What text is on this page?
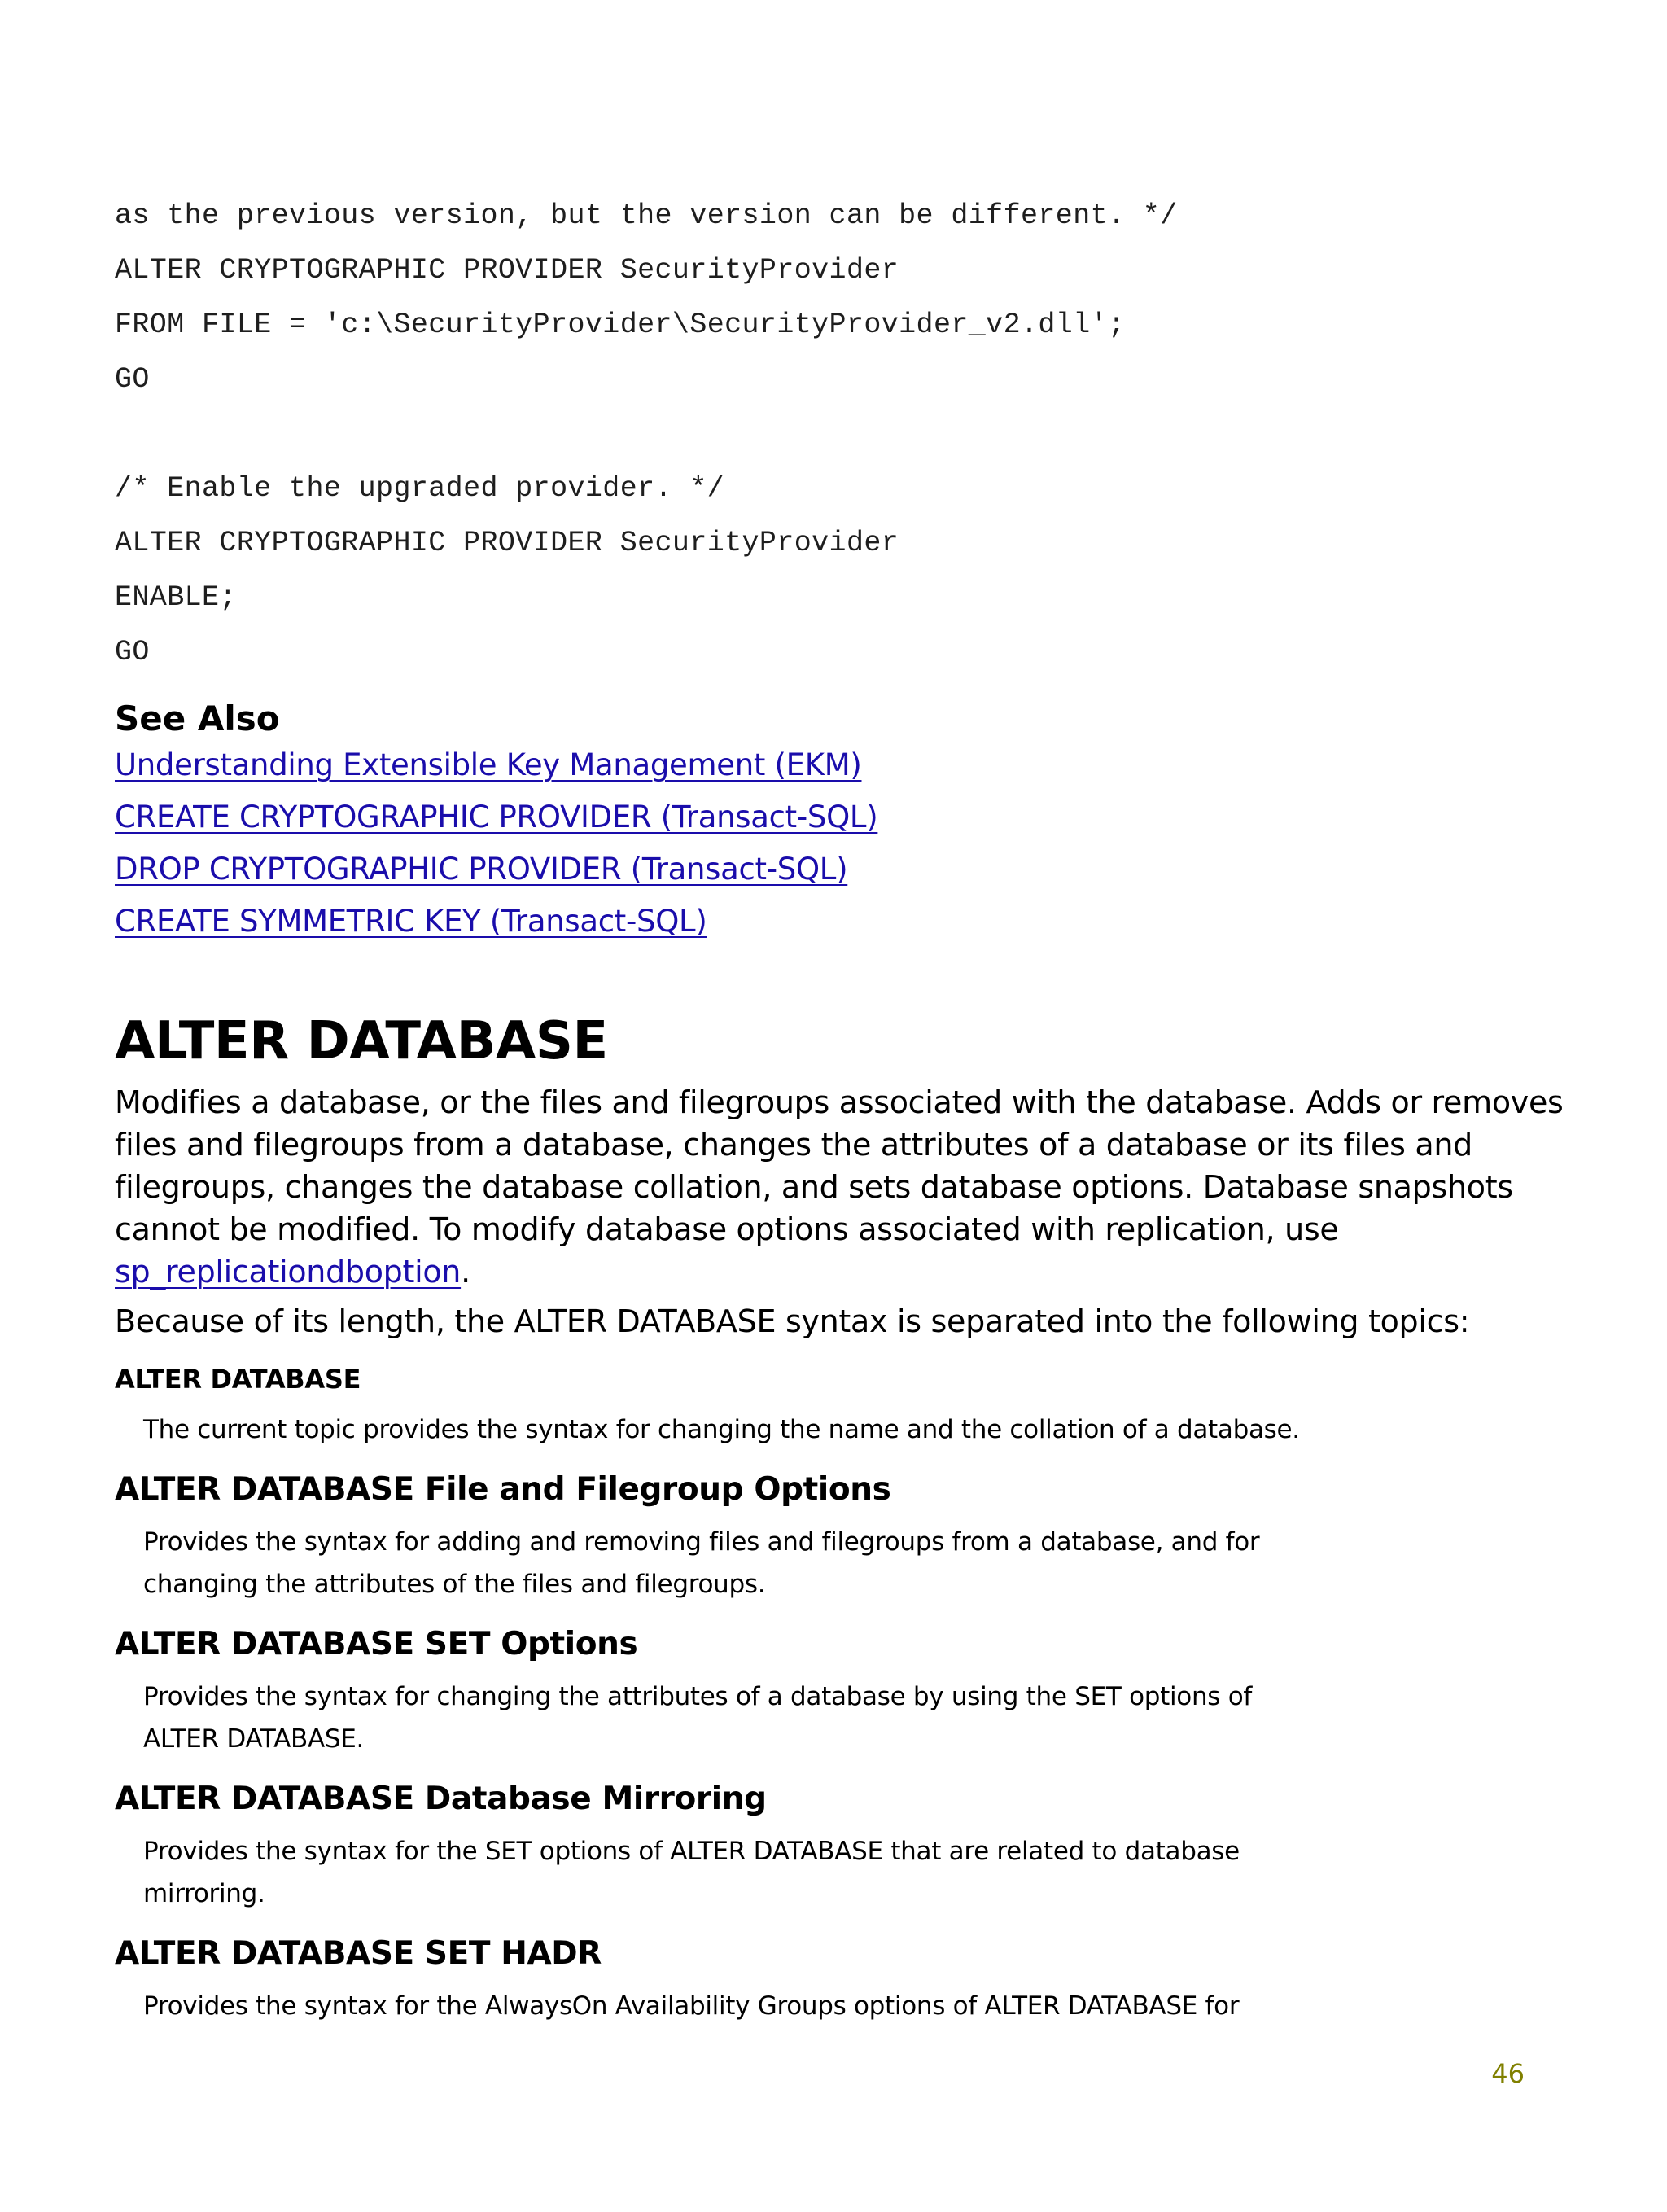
as the previous version, but the version can be different. */
ALTER CRYPTOGRAPHIC PROVIDER SecurityProvider
FROM FILE = 'c:\SecurityProvider\SecurityProvider_v2.dll';
GO
/* Enable the upgraded provider. */
ALTER CRYPTOGRAPHIC PROVIDER SecurityProvider
ENABLE;
GO
See Also
Understanding Extensible Key Management (EKM)
CREATE CRYPTOGRAPHIC PROVIDER (Transact-SQL)
DROP CRYPTOGRAPHIC PROVIDER (Transact-SQL)
CREATE SYMMETRIC KEY (Transact-SQL)
ALTER DATABASE
Modifies a database, or the files and filegroups associated with the database. Adds or removes
files and filegroups from a database, changes the attributes of a database or its files and
filegroups, changes the database collation, and sets database options. Database snapshots
cannot be modified. To modify database options associated with replication, use
sp_replicationdboption.
Because of its length, the ALTER DATABASE syntax is separated into the following topics:
ALTER DATABASE
The current topic provides the syntax for changing the name and the collation of a database.
ALTER DATABASE File and Filegroup Options
Provides the syntax for adding and removing files and filegroups from a database, and for
changing the attributes of the files and filegroups.
ALTER DATABASE SET Options
Provides the syntax for changing the attributes of a database by using the SET options of
ALTER DATABASE.
ALTER DATABASE Database Mirroring
Provides the syntax for the SET options of ALTER DATABASE that are related to database
mirroring.
ALTER DATABASE SET HADR
Provides the syntax for the AlwaysOn Availability Groups options of ALTER DATABASE for
46
